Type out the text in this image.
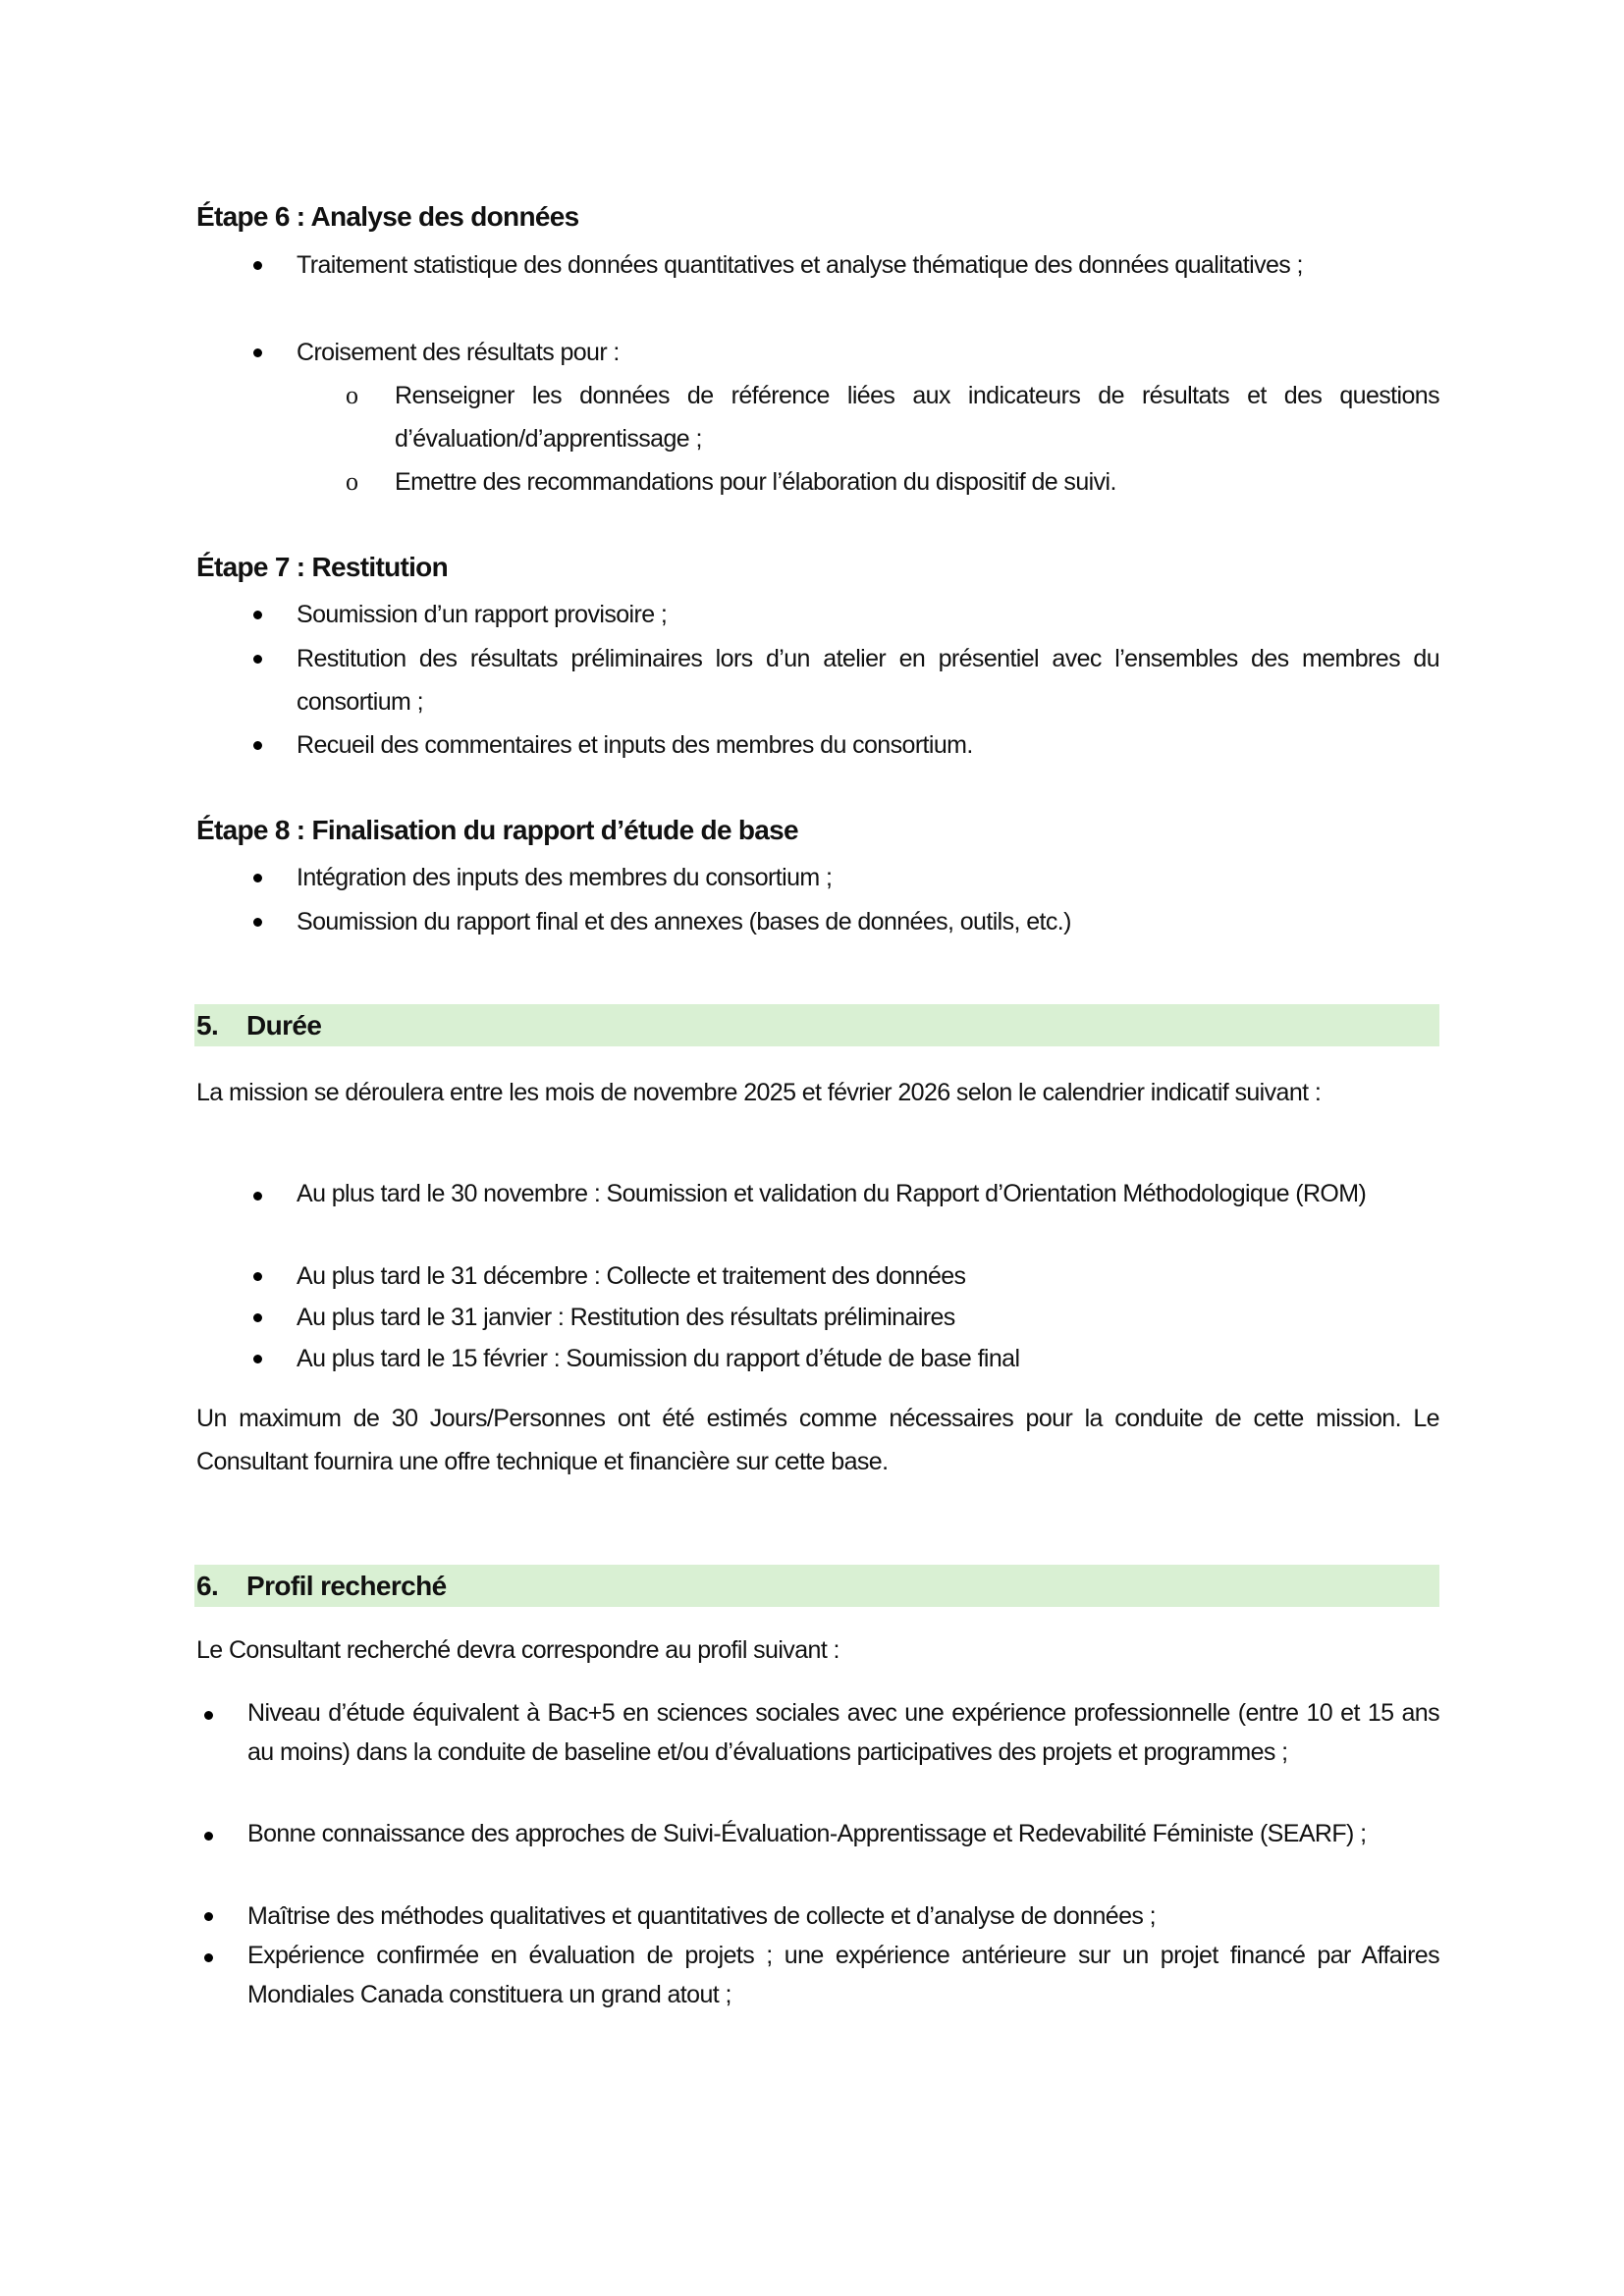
Étape 6 : Analyse des données
Traitement statistique des données quantitatives et analyse thématique des données qualitatives ;
Croisement des résultats pour :
o Renseigner les données de référence liées aux indicateurs de résultats et des questions d’évaluation/d’apprentissage ;
o Emettre des recommandations pour l’élaboration du dispositif de suivi.
Étape 7 : Restitution
Soumission d’un rapport provisoire ;
Restitution des résultats préliminaires lors d’un atelier en présentiel avec l’ensembles des membres du consortium ;
Recueil des commentaires et inputs des membres du consortium.
Étape 8 : Finalisation du rapport d’étude de base
Intégration des inputs des membres du consortium ;
Soumission du rapport final et des annexes (bases de données, outils, etc.)
5. Durée
La mission se déroulera entre les mois de novembre 2025 et février 2026 selon le calendrier indicatif suivant :
Au plus tard le 30 novembre : Soumission et validation du Rapport d’Orientation Méthodologique (ROM)
Au plus tard le 31 décembre : Collecte et traitement des données
Au plus tard le 31 janvier : Restitution des résultats préliminaires
Au plus tard le 15 février : Soumission du rapport d’étude de base final
Un maximum de 30 Jours/Personnes ont été estimés comme nécessaires pour la conduite de cette mission. Le Consultant fournira une offre technique et financière sur cette base.
6. Profil recherché
Le Consultant recherché devra correspondre au profil suivant :
Niveau d’étude équivalent à Bac+5 en sciences sociales avec une expérience professionnelle (entre 10 et 15 ans au moins) dans la conduite de baseline et/ou d’évaluations participatives des projets et programmes ;
Bonne connaissance des approches de Suivi-Évaluation-Apprentissage et Redevabilité Féministe (SEARF) ;
Maîtrise des méthodes qualitatives et quantitatives de collecte et d’analyse de données ;
Expérience confirmée en évaluation de projets ; une expérience antérieure sur un projet financé par Affaires Mondiales Canada constituera un grand atout ;
